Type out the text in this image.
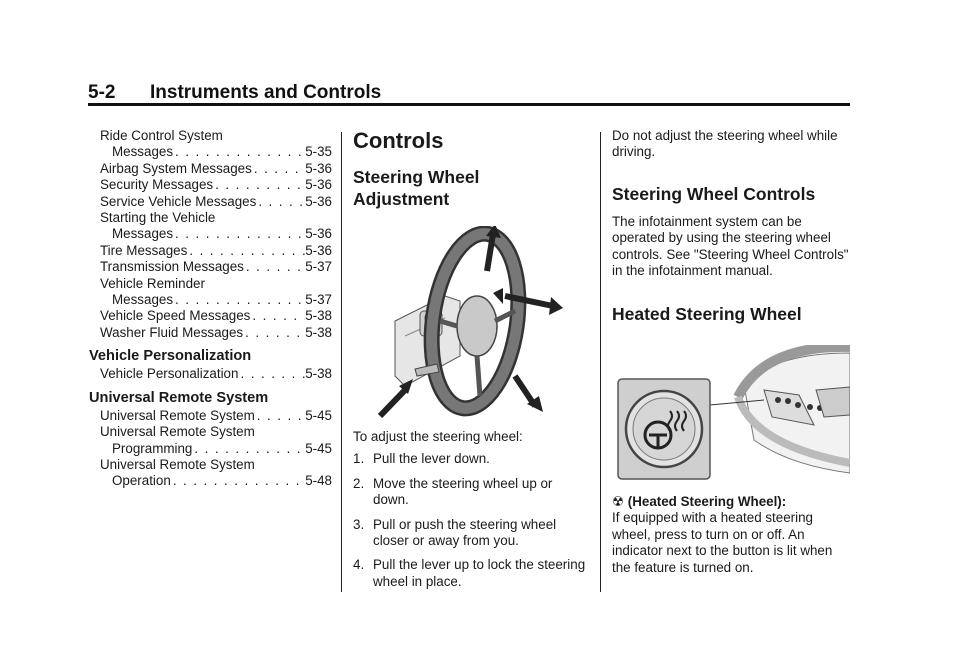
5-2 Instruments and Controls
Ride Control System
Messages . . .	5-35
Airbag System Messages . . .	5-36
Security Messages . . .	5-36
Service Vehicle Messages . . .	5-36
Starting the Vehicle
Messages . . .	5-36
Tire Messages . . .	5-36
Transmission Messages . . .	5-37
Vehicle Reminder
Messages . . .	5-37
Vehicle Speed Messages . . .	5-38
Washer Fluid Messages . . .	5-38
Vehicle Personalization
Vehicle Personalization . . .	5-38
Universal Remote System
Universal Remote System . . .	5-45
Universal Remote System
Programming . . .	5-45
Universal Remote System
Operation . . .	5-48
Controls
Steering Wheel
Adjustment

To adjust the steering wheel:

1. Pull the lever down.
2. Move the steering wheel up or down.
3. Pull or push the steering wheel closer or away from you.
4. Pull the lever up to lock the steering wheel in place.

Do not adjust the steering wheel while driving.

Steering Wheel Controls

The infotainment system can be operated by using the steering wheel controls. See "Steering Wheel Controls" in the infotainment manual.

Heated Steering Wheel

☢ (Heated Steering Wheel):
If equipped with a heated steering wheel, press to turn on or off. An indicator next to the button is lit when the feature is turned on.
